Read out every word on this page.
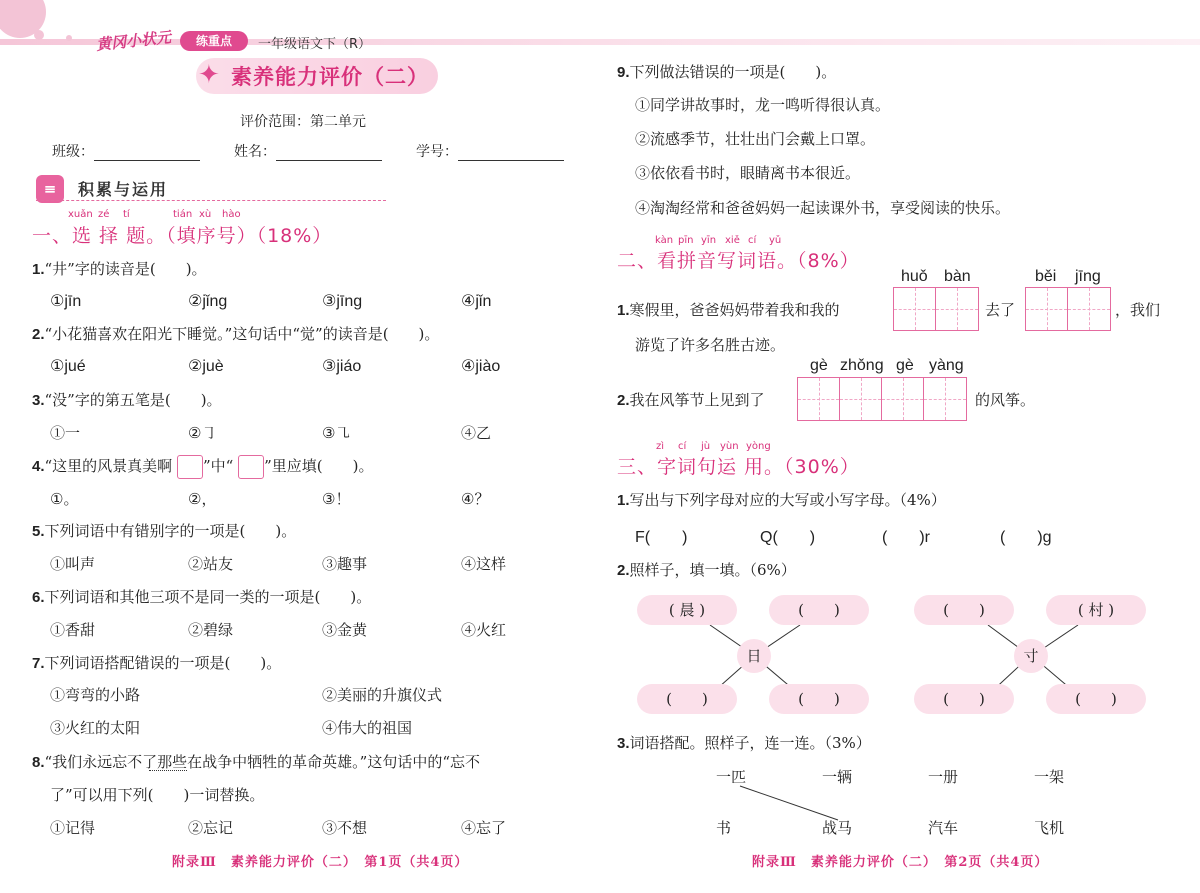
黄冈小状元	练重点	一年级语文下（R）
✦ 素养能力评价（二）
评价范围：第二单元
班级：	姓名：	学号：
≡	积累与运用
xuǎn zé tí	tián xù hào
一、选 择 题。（填序号）（18%）
1.“井”字的读音是(　　)。
①jīn	②jǐng	③jīng	④jǐn
2.“小花猫喜欢在阳光下睡觉。”这句话中“觉”的读音是(　　)。
①jué	②juè	③jiáo	④jiào
3.“没”字的第五笔是(　　)。
①一	②㇆	③㇈	④乙
4.“这里的风景真美啊 ”中“ ”里应填(　　)。
①。	②，	③！	④？
5.下列词语中有错别字的一项是(　　)。
①叫声	②站友	③趣事	④这样
6.下列词语和其他三项不是同一类的一项是(　　)。
①香甜	②碧绿	③金黄	④火红
7.下列词语搭配错误的一项是(　　)。
①弯弯的小路	②美丽的升旗仪式
③火红的太阳	④伟大的祖国
8.“我们永远忘不了那些在战争中牺牲的革命英雄。”这句话中的“忘不
了”可以用下列(　　)一词替换。
①记得	②忘记	③不想	④忘了
附录Ⅲ　素养能力评价（二）　第1页（共4页）
9.下列做法错误的一项是(　　)。
①同学讲故事时，龙一鸣听得很认真。
②流感季节，壮壮出门会戴上口罩。
③依依看书时，眼睛离书本很近。
④淘淘经常和爸爸妈妈一起读课外书，享受阅读的快乐。
kàn pīn yīn xiě cí yǔ
二、看拼音写词语。（8%）
huǒ bàn	běi jīng
1.寒假里，爸爸妈妈带着我和我的	去了	，我们
游览了许多名胜古迹。
gè zhǒng gè yàng
2.我在风筝节上见到了	的风筝。
zì cí jù yùn yòng
三、字词句运 用。（30%）
1.写出与下列字母对应的大写或小写字母。（4%）
F(　　)	Q(　　)	(　　)r	(　　)g
2.照样子，填一填。（6%）
( 晨 )	(　　)
(　　)	(　　)
日
(　　)	( 村 )
(　　)	(　　)
寸
3.词语搭配。照样子，连一连。（3%）
一匹	一辆	一册	一架
书	战马	汽车	飞机
附录Ⅲ　素养能力评价（二）　第2页（共4页）
